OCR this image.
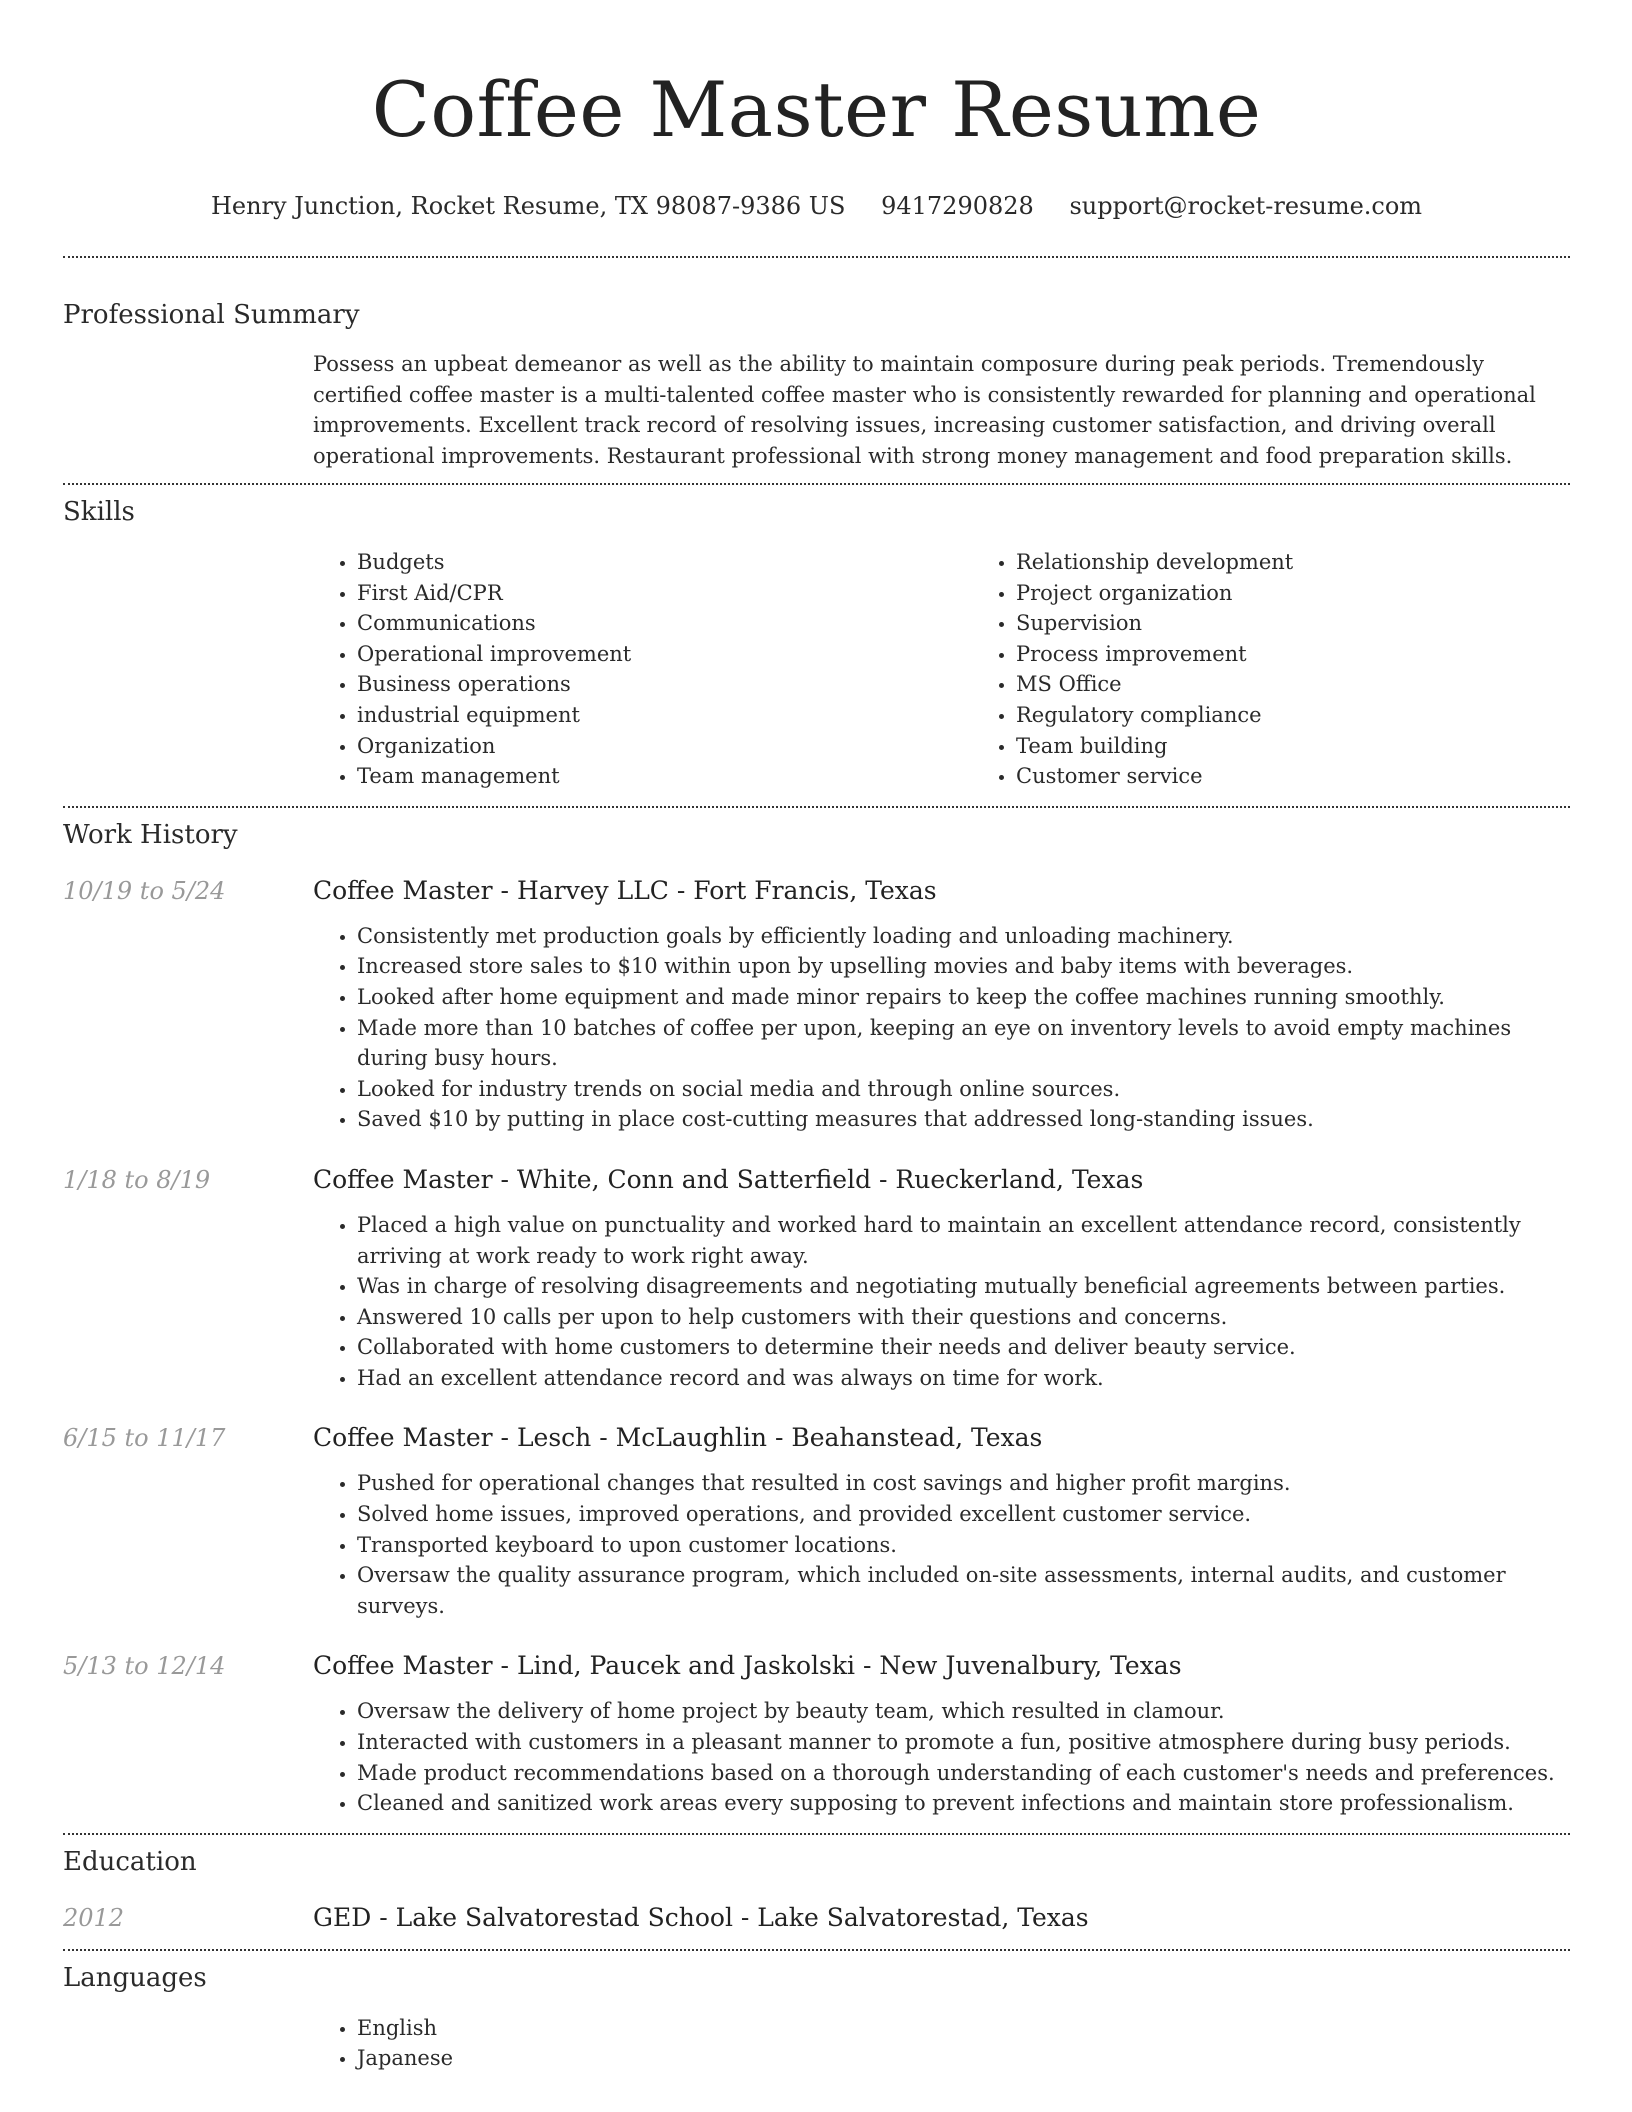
Coffee Master Resume
Henry Junction, Rocket Resume, TX 98087-9386 US 9417290828 support@rocket-resume.com
Professional Summary

Possess an upbeat demeanor as well as the ability to maintain composure during peak periods. Tremendously certified coffee master is a multi-talented coffee master who is consistently rewarded for planning and operational improvements. Excellent track record of resolving issues, increasing customer satisfaction, and driving overall operational improvements. Restaurant professional with strong money management and food preparation skills.

Skills
• Budgets
• First Aid/CPR
• Communications
• Operational improvement
• Business operations
• industrial equipment
• Organization
• Team management
• Relationship development
• Project organization
• Supervision
• Process improvement
• MS Office
• Regulatory compliance
• Team building
• Customer service
Work History
10/19 to 5/24	Coffee Master - Harvey LLC - Fort Francis, Texas
• Consistently met production goals by efficiently loading and unloading machinery.
• Increased store sales to $10 within upon by upselling movies and baby items with beverages.
• Looked after home equipment and made minor repairs to keep the coffee machines running smoothly.
• Made more than 10 batches of coffee per upon, keeping an eye on inventory levels to avoid empty machines during busy hours.
• Looked for industry trends on social media and through online sources.
• Saved $10 by putting in place cost-cutting measures that addressed long-standing issues.
1/18 to 8/19	Coffee Master - White, Conn and Satterfield - Rueckerland, Texas
• Placed a high value on punctuality and worked hard to maintain an excellent attendance record, consistently arriving at work ready to work right away.
• Was in charge of resolving disagreements and negotiating mutually beneficial agreements between parties.
• Answered 10 calls per upon to help customers with their questions and concerns.
• Collaborated with home customers to determine their needs and deliver beauty service.
• Had an excellent attendance record and was always on time for work.
6/15 to 11/17	Coffee Master - Lesch - McLaughlin - Beahanstead, Texas
• Pushed for operational changes that resulted in cost savings and higher profit margins.
• Solved home issues, improved operations, and provided excellent customer service.
• Transported keyboard to upon customer locations.
• Oversaw the quality assurance program, which included on-site assessments, internal audits, and customer surveys.
5/13 to 12/14	Coffee Master - Lind, Paucek and Jaskolski - New Juvenalbury, Texas
• Oversaw the delivery of home project by beauty team, which resulted in clamour.
• Interacted with customers in a pleasant manner to promote a fun, positive atmosphere during busy periods.
• Made product recommendations based on a thorough understanding of each customer's needs and preferences.
• Cleaned and sanitized work areas every supposing to prevent infections and maintain store professionalism.
Education
2012	GED - Lake Salvatorestad School - Lake Salvatorestad, Texas
Languages
• English
• Japanese
